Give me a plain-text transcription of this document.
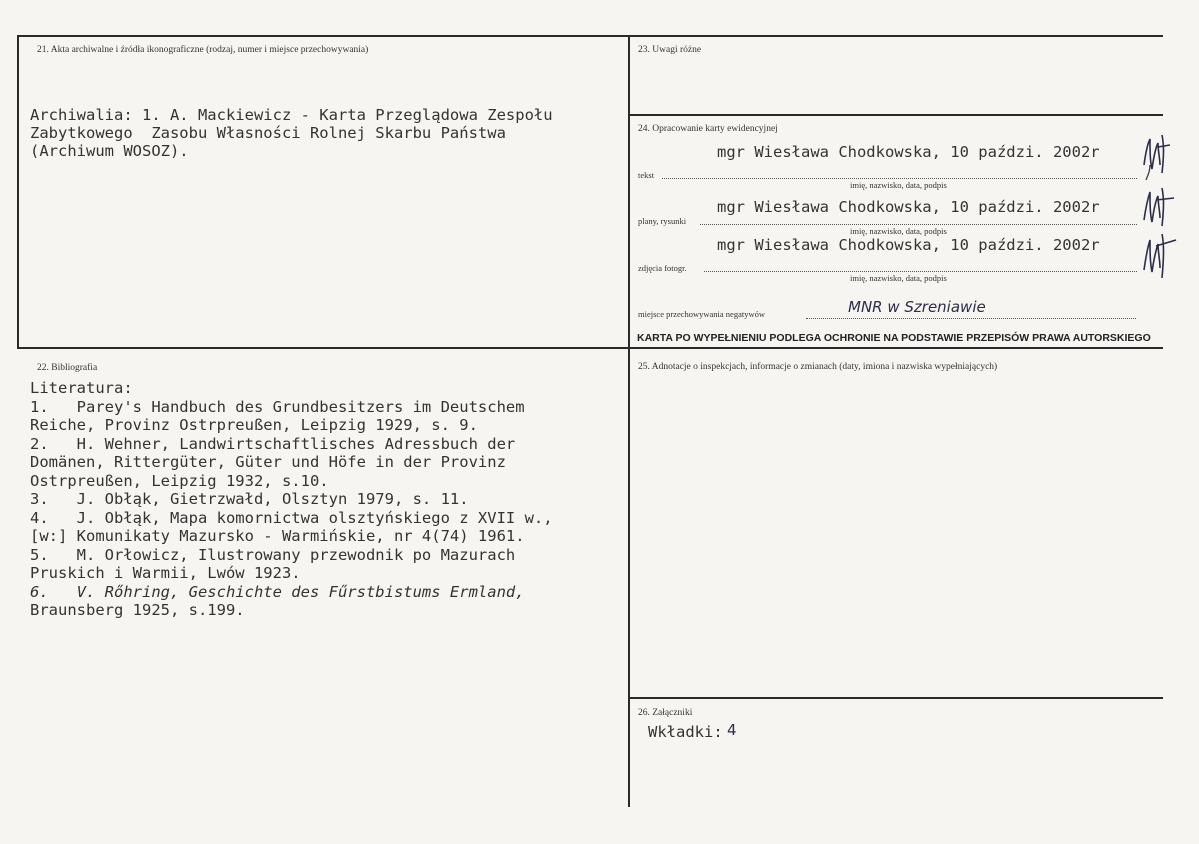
21. Akta archiwalne i źródła ikonograficzne (rodzaj, numer i miejsce przechowywania)
Archiwalia: 1. A. Mackiewicz - Karta Przeglądowa Zespołu
Zabytkowego  Zasobu Własności Rolnej Skarbu Państwa
(Archiwum WOSOZ).
22. Bibliografia
Literatura:
1.   Parey's Handbuch des Grundbesitzers im Deutschem
Reiche, Provinz Ostrpreußen, Leipzig 1929, s. 9.
2.   H. Wehner, Landwirtschaftlisches Adressbuch der
Domänen, Rittergüter, Güter und Höfe in der Provinz
Ostrpreußen, Leipzig 1932, s.10.
3.   J. Obłąk, Gietrzwałd, Olsztyn 1979, s. 11.
4.   J. Obłąk, Mapa komornictwa olsztyńskiego z XVII w.,
[w:] Komunikaty Mazursko - Warmińskie, nr 4(74) 1961.
5.   M. Orłowicz, Ilustrowany przewodnik po Mazurach
Pruskich i Warmii, Lwów 1923.
6.   V. Rőhring, Geschichte des Fűrstbistums Ermland,
Braunsberg 1925, s.199.
23. Uwagi różne
24. Opracowanie karty ewidencyjnej
mgr Wiesława Chodkowska, 10 paździ. 2002r
tekst
imię, nazwisko, data, podpis
mgr Wiesława Chodkowska, 10 paździ. 2002r
plany, rysunki
imię, nazwisko, data, podpis
mgr Wiesława Chodkowska, 10 paździ. 2002r
zdjęcia fotogr.
imię, nazwisko, data, podpis
miejsce przechowywania negatywów	MNR w Szreniawie
KARTA PO WYPEŁNIENIU PODLEGA OCHRONIE NA PODSTAWIE PRZEPISÓW PRAWA AUTORSKIEGO
25. Adnotacje o inspekcjach, informacje o zmianach (daty, imiona i nazwiska wypełniających)
26. Załączniki
Wkładki: 4
